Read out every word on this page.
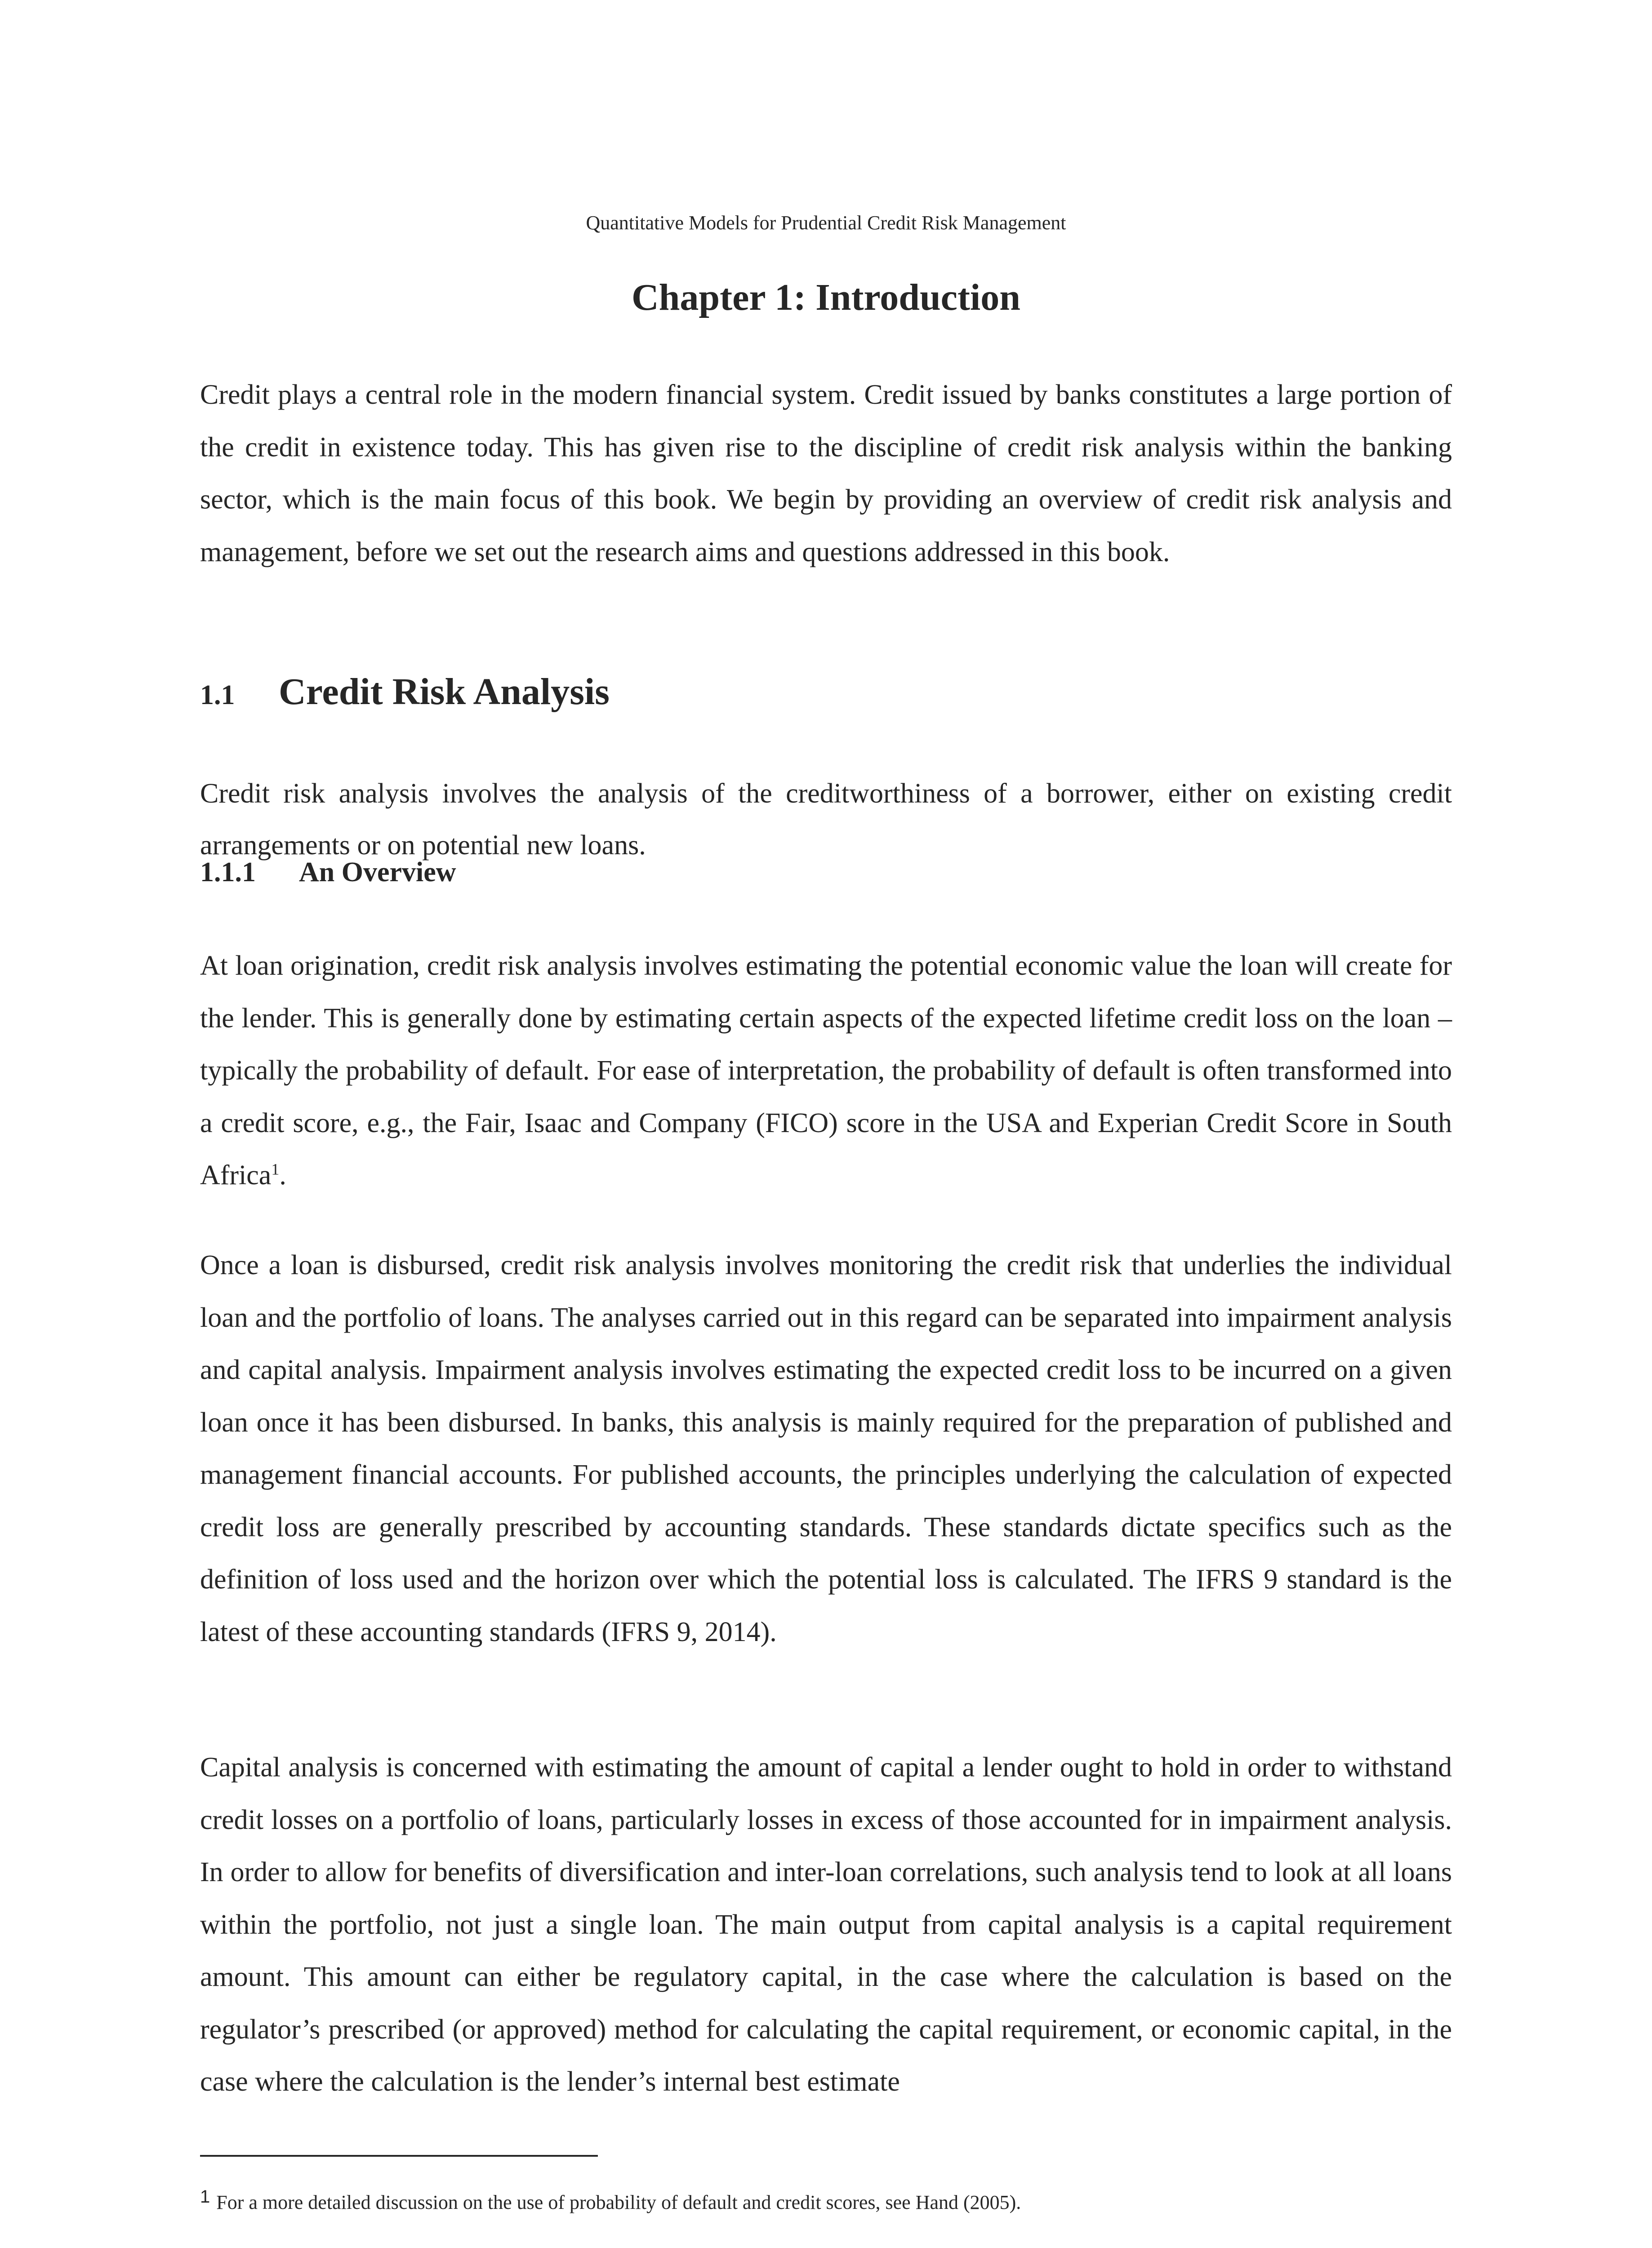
Quantitative Models for Prudential Credit Risk Management
Chapter 1: Introduction

Credit plays a central role in the modern financial system. Credit issued by banks constitutes a large portion of the credit in existence today. This has given rise to the discipline of credit risk analysis within the banking sector, which is the main focus of this book. We begin by providing an overview of credit risk analysis and management, before we set out the research aims and questions addressed in this book.

1.1 Credit Risk Analysis

Credit risk analysis involves the analysis of the creditworthiness of a borrower, either on existing credit arrangements or on potential new loans.

1.1.1 An Overview

At loan origination, credit risk analysis involves estimating the potential economic value the loan will create for the lender. This is generally done by estimating certain aspects of the expected lifetime credit loss on the loan – typically the probability of default. For ease of interpretation, the probability of default is often transformed into a credit score, e.g., the Fair, Isaac and Company (FICO) score in the USA and Experian Credit Score in South Africa$^1$.

Once a loan is disbursed, credit risk analysis involves monitoring the credit risk that underlies the individual loan and the portfolio of loans. The analyses carried out in this regard can be separated into impairment analysis and capital analysis. Impairment analysis involves estimating the expected credit loss to be incurred on a given loan once it has been disbursed. In banks, this analysis is mainly required for the preparation of published and management financial accounts. For published accounts, the principles underlying the calculation of expected credit loss are generally prescribed by accounting standards. These standards dictate specifics such as the definition of loss used and the horizon over which the potential loss is calculated. The IFRS 9 standard is the latest of these accounting standards (IFRS 9, 2014).

Capital analysis is concerned with estimating the amount of capital a lender ought to hold in order to withstand credit losses on a portfolio of loans, particularly losses in excess of those accounted for in impairment analysis. In order to allow for benefits of diversification and inter-loan correlations, such analysis tend to look at all loans within the portfolio, not just a single loan. The main output from capital analysis is a capital requirement amount. This amount can either be regulatory capital, in the case where the calculation is based on the regulator’s prescribed (or approved) method for calculating the capital requirement, or economic capital, in the case where the calculation is the lender’s internal best estimate

1 For a more detailed discussion on the use of probability of default and credit scores, see Hand (2005).
